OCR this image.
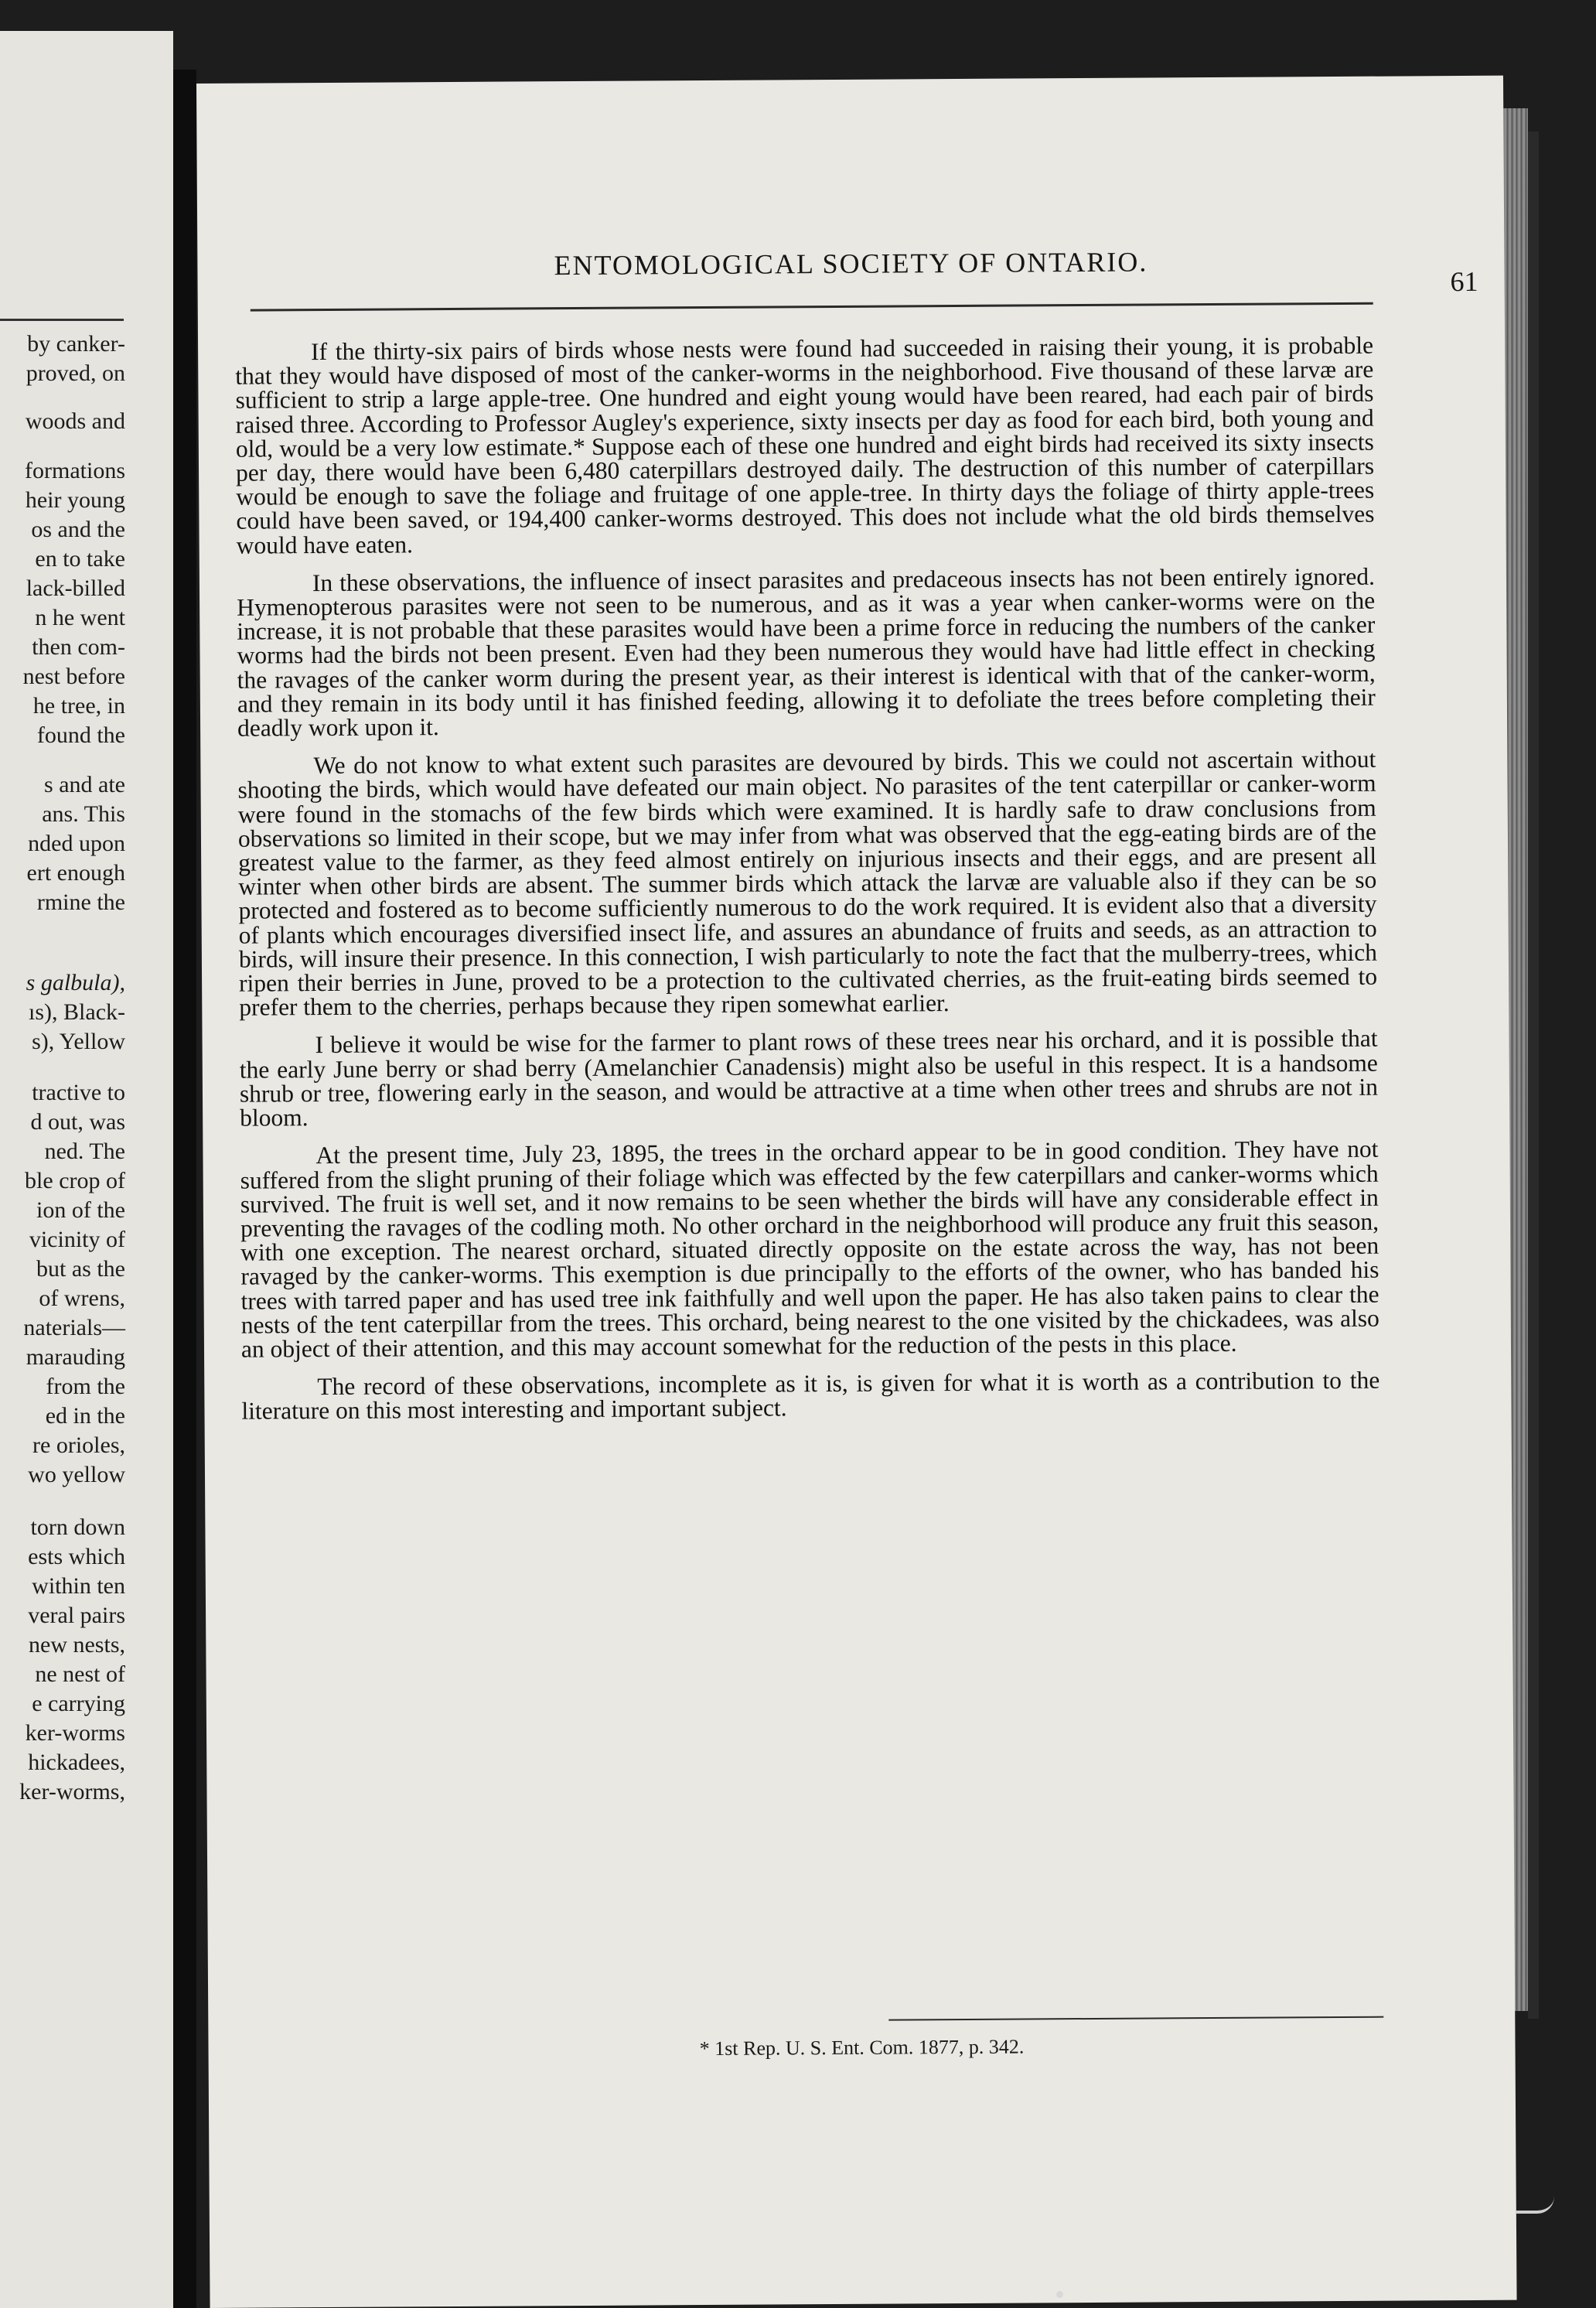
by canker-
proved, on
woods and
formations
heir young
os and the
en to take
lack-billed
n he went
then com-
nest before
he tree, in
found the
s and ate
ans. This
nded upon
ert enough
rmine the
s galbula),
ıs), Black-
s), Yellow
tractive to
d out, was
ned. The
ble crop of
ion of the
vicinity of
but as the
of wrens,
naterials—
marauding
from the
ed in the
re orioles,
wo yellow
torn down
ests which
within ten
veral pairs
new nests,
ne nest of
e carrying
ker-worms
hickadees,
ker-worms,
ENTOMOLOGICAL SOCIETY OF ONTARIO.
61

If the thirty-six pairs of birds whose nests were found had succeeded in raising their young, it is probable that they would have disposed of most of the canker-worms in the neighborhood. Five thousand of these larvæ are sufficient to strip a large apple-tree. One hundred and eight young would have been reared, had each pair of birds raised three. According to Professor Augley's experience, sixty insects per day as food for each bird, both young and old, would be a very low estimate.* Suppose each of these one hundred and eight birds had received its sixty insects per day, there would have been 6,480 caterpillars destroyed daily. The destruction of this number of caterpillars would be enough to save the foliage and fruitage of one apple-tree. In thirty days the foliage of thirty apple-trees could have been saved, or 194,400 canker-worms destroyed. This does not include what the old birds themselves would have eaten.

In these observations, the influence of insect parasites and predaceous insects has not been entirely ignored. Hymenopterous parasites were not seen to be numerous, and as it was a year when canker-worms were on the increase, it is not probable that these parasites would have been a prime force in reducing the numbers of the canker worms had the birds not been present. Even had they been numerous they would have had little effect in checking the ravages of the canker worm during the present year, as their interest is identical with that of the canker-worm, and they remain in its body until it has finished feeding, allowing it to defoliate the trees before completing their deadly work upon it.

We do not know to what extent such parasites are devoured by birds. This we could not ascertain without shooting the birds, which would have defeated our main object. No parasites of the tent caterpillar or canker-worm were found in the stomachs of the few birds which were examined. It is hardly safe to draw conclusions from observations so limited in their scope, but we may infer from what was observed that the egg-eating birds are of the greatest value to the farmer, as they feed almost entirely on injurious insects and their eggs, and are present all winter when other birds are absent. The summer birds which attack the larvæ are valuable also if they can be so protected and fostered as to become sufficiently numerous to do the work required. It is evident also that a diversity of plants which encourages diversified insect life, and assures an abundance of fruits and seeds, as an attraction to birds, will insure their presence. In this connection, I wish particularly to note the fact that the mulberry-trees, which ripen their berries in June, proved to be a protection to the cultivated cherries, as the fruit-eating birds seemed to prefer them to the cherries, perhaps because they ripen somewhat earlier.

I believe it would be wise for the farmer to plant rows of these trees near his orchard, and it is possible that the early June berry or shad berry (Amelanchier Canadensis) might also be useful in this respect. It is a handsome shrub or tree, flowering early in the season, and would be attractive at a time when other trees and shrubs are not in bloom.

At the present time, July 23, 1895, the trees in the orchard appear to be in good condition. They have not suffered from the slight pruning of their foliage which was effected by the few caterpillars and canker-worms which survived. The fruit is well set, and it now remains to be seen whether the birds will have any considerable effect in preventing the ravages of the codling moth. No other orchard in the neighborhood will produce any fruit this season, with one exception. The nearest orchard, situated directly opposite on the estate across the way, has not been ravaged by the canker-worms. This exemption is due principally to the efforts of the owner, who has banded his trees with tarred paper and has used tree ink faithfully and well upon the paper. He has also taken pains to clear the nests of the tent caterpillar from the trees. This orchard, being nearest to the one visited by the chickadees, was also an object of their attention, and this may account somewhat for the reduction of the pests in this place.

The record of these observations, incomplete as it is, is given for what it is worth as a contribution to the literature on this most interesting and important subject.

* 1st Rep. U. S. Ent. Com. 1877, p. 342.
